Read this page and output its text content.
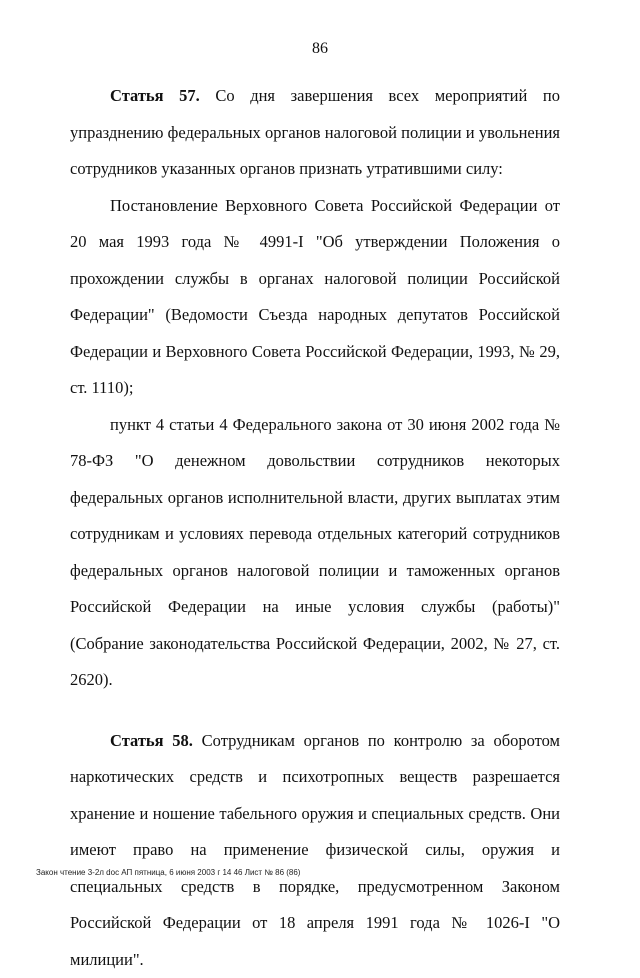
86

Статья 57. Со дня завершения всех мероприятий по упразднению федеральных органов налоговой полиции и увольнения сотрудников указанных органов признать утратившими силу:

Постановление Верховного Совета Российской Федерации от 20 мая 1993 года № 4991-I "Об утверждении Положения о прохождении службы в органах налоговой полиции Российской Федерации" (Ведомости Съезда народных депутатов Российской Федерации и Верховного Совета Российской Федерации, 1993, № 29, ст. 1110);

пункт 4 статьи 4 Федерального закона от 30 июня 2002 года № 78-ФЗ "О денежном довольствии сотрудников некоторых федеральных органов исполнительной власти, других выплатах этим сотрудникам и условиях перевода отдельных категорий сотрудников федеральных органов налоговой полиции и таможенных органов Российской Федерации на иные условия службы (работы)" (Собрание законодательства Российской Федерации, 2002, № 27, ст. 2620).

Статья 58. Сотрудникам органов по контролю за оборотом наркотических средств и психотропных веществ разрешается хранение и ношение табельного оружия и специальных средств. Они имеют право на применение физической силы, оружия и специальных средств в порядке, предусмотренном Законом Российской Федерации от 18 апреля 1991 года № 1026-I "О милиции".

Закон чтение 3-2л doc АП пятница, 6 июня 2003 г 14 46 Лист № 86 (86)
